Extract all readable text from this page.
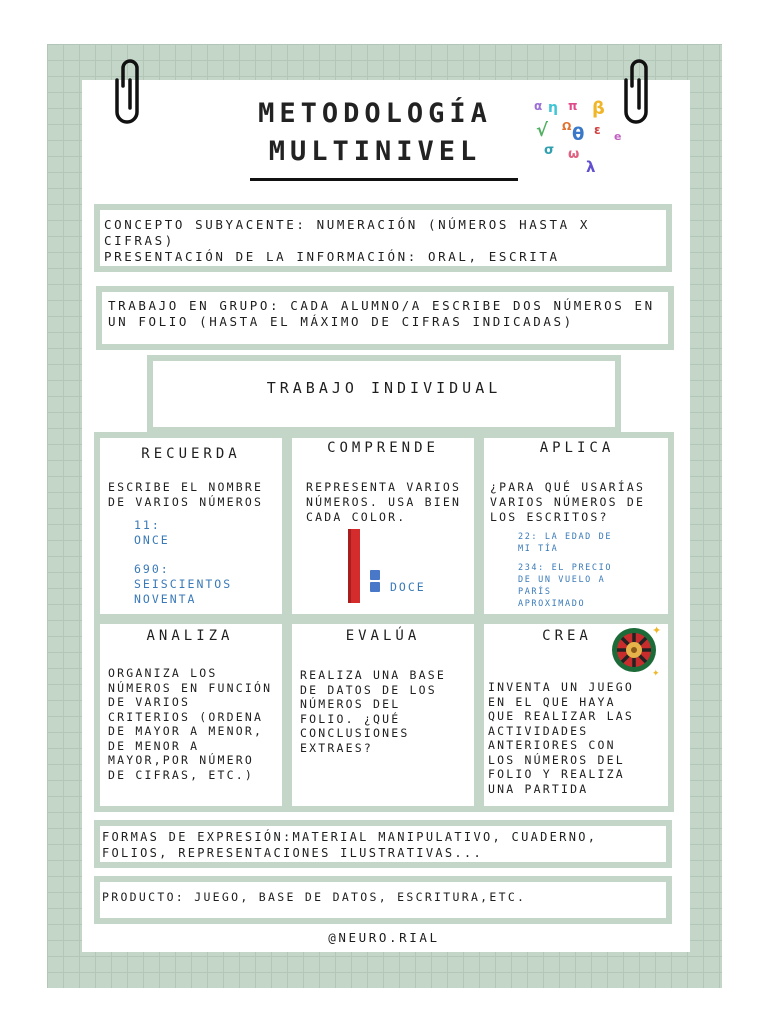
METODOLOGÍA
MULTINIVEL
α η π β
√ Ω θ ε e
σ ω
λ
CONCEPTO SUBYACENTE: NUMERACIÓN (NÚMEROS HASTA X CIFRAS)
PRESENTACIÓN DE LA INFORMACIÓN: ORAL, ESCRITA
TRABAJO EN GRUPO: CADA ALUMNO/A ESCRIBE DOS NÚMEROS EN UN FOLIO (HASTA EL MÁXIMO DE CIFRAS INDICADAS)
TRABAJO INDIVIDUAL
RECUERDA
ESCRIBE EL NOMBRE
DE VARIOS NÚMEROS
11:
ONCE
690:
SEISCIENTOS
NOVENTA
COMPRENDE
REPRESENTA VARIOS
NÚMEROS. USA BIEN
CADA COLOR.
DOCE
APLICA
¿PARA QUÉ USARÍAS
VARIOS NÚMEROS DE
LOS ESCRITOS?
22: LA EDAD DE
MI TÍA
234: EL PRECIO
DE UN VUELO A
PARÍS
APROXIMADO
ANALIZA
ORGANIZA LOS
NÚMEROS EN FUNCIÓN
DE VARIOS
CRITERIOS (ORDENA
DE MAYOR A MENOR,
DE MENOR A
MAYOR,POR NÚMERO
DE CIFRAS, ETC.)
EVALÚA
REALIZA UNA BASE
DE DATOS DE LOS
NÚMEROS DEL
FOLIO. ¿QUÉ
CONCLUSIONES
EXTRAES?
CREA	✦
✦
INVENTA UN JUEGO
EN EL QUE HAYA
QUE REALIZAR LAS
ACTIVIDADES
ANTERIORES CON
LOS NÚMEROS DEL
FOLIO Y REALIZA
UNA PARTIDA
FORMAS DE EXPRESIÓN:MATERIAL MANIPULATIVO, CUADERNO,
FOLIOS, REPRESENTACIONES ILUSTRATIVAS...
PRODUCTO: JUEGO, BASE DE DATOS, ESCRITURA,ETC.
@NEURO.RIAL
